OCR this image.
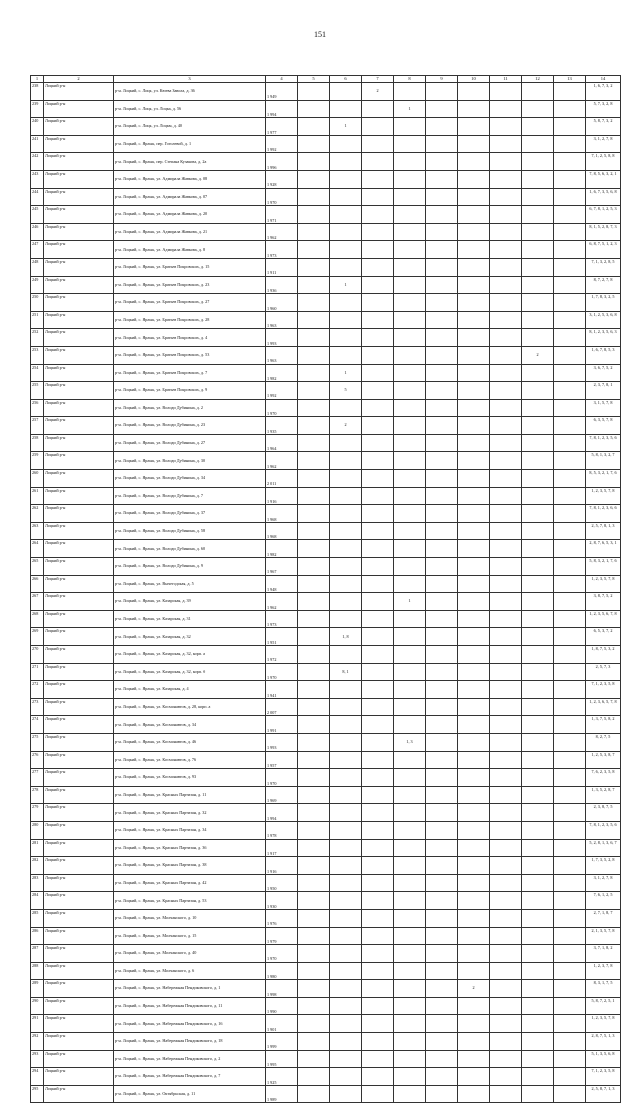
151
1	2	3	4	5	6	7	8	9	10	11	12	13	14
238	Лоцкий р-н	р-н. Лоцкий, с. Лоцк, ул. Кюева Завола, д. 36	1 949			2							1, 6, 7, 3, 2
239	Лоцкий р-н	р-н. Лоцкий, с. Лоцк, ул. Лоцка, д. 56	1 994				1						5, 7, 3, 2, 8
240	Лоцкий р-н	р-н. Лоцкий, с. Лоцк, ул. Лоцкм, д. 40	1 977		1								5, 8, 7, 3, 2
241	Лоцкий р-н	р-н. Лоцкий, с. Ярлык, пер. Гоголевой, д. 1	1 992										3, 1, 2, 7, 8
242	Лоцкий р-н	р-н. Лоцкий, с. Ярлык, пер. Степана Кузакова, д. 2а	1 996										7, 1, 2, 5, 8, 8
243	Лоцкий р-н	р-н. Лоцкий, с. Ярлык, ул. Адмирала Жавкова, д. 08	1 928										7, 8, 5, 6, 3, 2, 1
244	Лоцкий р-н	р-н. Лоцкий, с. Ярлык, ул. Адмирала Жавкова, д. 07	1 970										1, 6, 7, 3, 5, 6, 8
245	Лоцкий р-н	р-н. Лоцкий, с. Ярлык, ул. Адмирала Жавкова, д. 20	1 971										6, 7, 8, 1, 2, 5, 3
246	Лоцкий р-н	р-н. Лоцкий, с. Ярлык, ул. Адмирала Жавкова, д. 21	1 962										8, 1, 5, 2, 8, 7, 3
247	Лоцкий р-н	р-н. Лоцкий, с. Ярлык, ул. Адмирала Жавкова, д. 8	1 973										6, 8, 7, 5, 1, 2, 3
248	Лоцкий р-н	р-н. Лоцкий, с. Ярлык, ул. Братьев Покровских, д. 15	1 911										7, 1, 3, 2, 8, 5
249	Лоцкий р-н	р-н. Лоцкий, с. Ярлык, ул. Братьев Покровских, д. 23	1 936		1								8, 7, 2, 7, 8
250	Лоцкий р-н	р-н. Лоцкий, с. Ярлык, ул. Братьев Покровских, д. 27	1 960										1, 7, 8, 3, 2, 5
251	Лоцкий р-н	р-н. Лоцкий, с. Ярлык, ул. Братьев Покровских, д. 28	1 963										3, 1, 2, 5, 3, 6, 8
252	Лоцкий р-н	р-н. Лоцкий, с. Ярлык, ул. Братьев Покровских, д. 4	1 993										8, 1, 2, 3, 5, 6, 3
253	Лоцкий р-н	р-н. Лоцкий, с. Ярлык, ул. Братьев Покровских, д. 53	1 963								2		1, 6, 7, 8, 5, 3
254	Лоцкий р-н	р-н. Лоцкий, с. Ярлык, ул. Братьев Покровских, д. 7	1 982		1								3, 6, 7, 5, 2
255	Лоцкий р-н	р-н. Лоцкий, с. Ярлык, ул. Братьев Покровских, д. 9	1 992		5								2, 3, 7, 8, 1
256	Лоцкий р-н	р-н. Лоцкий, с. Ярлык, ул. Володи Дубинина, д. 2	1 970										3, 1, 5, 7, 8
257	Лоцкий р-н	р-н. Лоцкий, с. Ярлык, ул. Володи Дубинина, д. 23	1 935		2								6, 3, 5, 7, 8
258	Лоцкий р-н	р-н. Лоцкий, с. Ярлык, ул. Володи Дубинина, д. 27	1 964										7, 8, 1, 2, 3, 5, 6
259	Лоцкий р-н	р-н. Лоцкий, с. Ярлык, ул. Володи Дубинина, д. 30	1 962										5, 8, 1, 3, 2, 7
260	Лоцкий р-н	р-н. Лоцкий, с. Ярлык, ул. Володи Дубинина, д. 34	2 011										8, 5, 3, 2, 1, 7, 6
261	Лоцкий р-н	р-н. Лоцкий, с. Ярлык, ул. Володи Дубинина, д. 7	1 916										1, 2, 3, 5, 7, 8
262	Лоцкий р-н	р-н. Лоцкий, с. Ярлык, ул. Володи Дубинина, д. 37	1 968										7, 8, 1, 2, 3, 6, 6
263	Лоцкий р-н	р-н. Лоцкий, с. Ярлык, ул. Володи Дубинина, д. 58	1 968										2, 5, 7, 8, 1, 3
264	Лоцкий р-н	р-н. Лоцкий, с. Ярлык, ул. Володи Дубинина, д. 60	1 982										2, 8, 7, 6, 5, 3, 1
265	Лоцкий р-н	р-н. Лоцкий, с. Ярлык, ул. Володи Дубинина, д. 9	1 967										5, 8, 3, 2, 1, 7, 6
266	Лоцкий р-н	р-н. Лоцкий, с. Ярлык, ул. Вычегодская, д. 5	1 948										1, 2, 3, 5, 7, 8
267	Лоцкий р-н	р-н. Лоцкий, с. Ярлык, ул. Казарская, д. 39	1 962				1						3, 8, 7, 5, 2
268	Лоцкий р-н	р-н. Лоцкий, с. Ярлык, ул. Казарская, д. 31	1 973										1, 2, 3, 5, 6, 7, 8
269	Лоцкий р-н	р-н. Лоцкий, с. Ярлык, ул. Казарская, д. 32	1 951		1, 8								6, 5, 3, 7, 2
270	Лоцкий р-н	р-н. Лоцкий, с. Ярлык, ул. Казарская, д. 32, корп. а	1 972										1, 8, 7, 5, 3, 2
271	Лоцкий р-н	р-н. Лоцкий, с. Ярлык, ул. Казарская, д. 32, корп. б	1 970		8, 1								2, 5, 7, 3
272	Лоцкий р-н	р-н. Лоцкий, с. Ярлык, ул. Казарская, д. 4	1 941										7, 1, 2, 3, 5, 8
273	Лоцкий р-н	р-н. Лоцкий, с. Ярлык, ул. Космонавтов, д. 28, корп. а	2 007										1, 2, 3, 6, 5, 7, 8
274	Лоцкий р-н	р-н. Лоцкий, с. Ярлык, ул. Космонавтов, д. 34	1 991										1, 3, 7, 5, 8, 2
275	Лоцкий р-н	р-н. Лоцкий, с. Ярлык, ул. Космонавтов, д. 46	1 993				1, 3						8, 2, 7, 5
276	Лоцкий р-н	р-н. Лоцкий, с. Ярлык, ул. Космонавтов, д. 76	1 957										1, 2, 5, 3, 8, 7
277	Лоцкий р-н	р-н. Лоцкий, с. Ярлык, ул. Космонавтов, д. 93	1 970										7, 6, 2, 3, 5, 8
278	Лоцкий р-н	р-н. Лоцкий, с. Ярлык, ул. Красных Партизан, д. 11	1 969										1, 3, 5, 2, 8, 7
279	Лоцкий р-н	р-н. Лоцкий, с. Ярлык, ул. Красных Партизан, д. 32	1 994										2, 3, 8, 7, 5
280	Лоцкий р-н	р-н. Лоцкий, с. Ярлык, ул. Красных Партизан, д. 34	1 978										7, 8, 1, 2, 3, 5, 6
281	Лоцкий р-н	р-н. Лоцкий, с. Ярлык, ул. Красных Партизан, д. 36	1 917										5, 2, 8, 1, 3, 6, 7
282	Лоцкий р-н	р-н. Лоцкий, с. Ярлык, ул. Красных Партизан, д. 38	1 916										1, 7, 3, 5, 2, 8
283	Лоцкий р-н	р-н. Лоцкий, с. Ярлык, ул. Красных Партизан, д. 42	1 950										3, 1, 2, 7, 8
284	Лоцкий р-н	р-н. Лоцкий, с. Ярлык, ул. Красных Партизан, д. 53	1 930										7, 6, 1, 2, 5
285	Лоцкий р-н	р-н. Лоцкий, с. Ярлык, ул. Молчанского, д. 10	1 976										2, 7, 1, 8, 7
286	Лоцкий р-н	р-н. Лоцкий, с. Ярлык, ул. Молчанского, д. 15	1 979										2, 1, 3, 5, 7, 8
287	Лоцкий р-н	р-н. Лоцкий, с. Ярлык, ул. Молчанского, д. 40	1 970										3, 7, 1, 8, 2
288	Лоцкий р-н	р-н. Лоцкий, с. Ярлык, ул. Молчанского, д. 6	1 980										1, 2, 3, 7, 8
289	Лоцкий р-н	р-н. Лоцкий, с. Ярлык, ул. Набережная Пендиковского, д. 1	1 998						2				8, 3, 1, 7, 5
290	Лоцкий р-н	р-н. Лоцкий, с. Ярлык, ул. Набережная Пендиковского, д. 11	1 990										5, 8, 7, 2, 5, 1
291	Лоцкий р-н	р-н. Лоцкий, с. Ярлык, ул. Набережная Пендиковского, д. 16	1 901										1, 2, 3, 5, 7, 8
292	Лоцкий р-н	р-н. Лоцкий, с. Ярлык, ул. Набережная Пендиковского, д. 18	1 999										2, 8, 7, 5, 1, 3
293	Лоцкий р-н	р-н. Лоцкий, с. Ярлык, ул. Набережная Пендиковского, д. 2	1 995										5, 1, 3, 5, 6, 8
294	Лоцкий р-н	р-н. Лоцкий, с. Ярлык, ул. Набережная Пендиковского, д. 7	1 925										7, 1, 2, 3, 5, 8
295	Лоцкий р-н	р-н. Лоцкий, с. Ярлык, ул. Октябрьская, д. 11	1 989										2, 5, 8, 7, 1, 3
